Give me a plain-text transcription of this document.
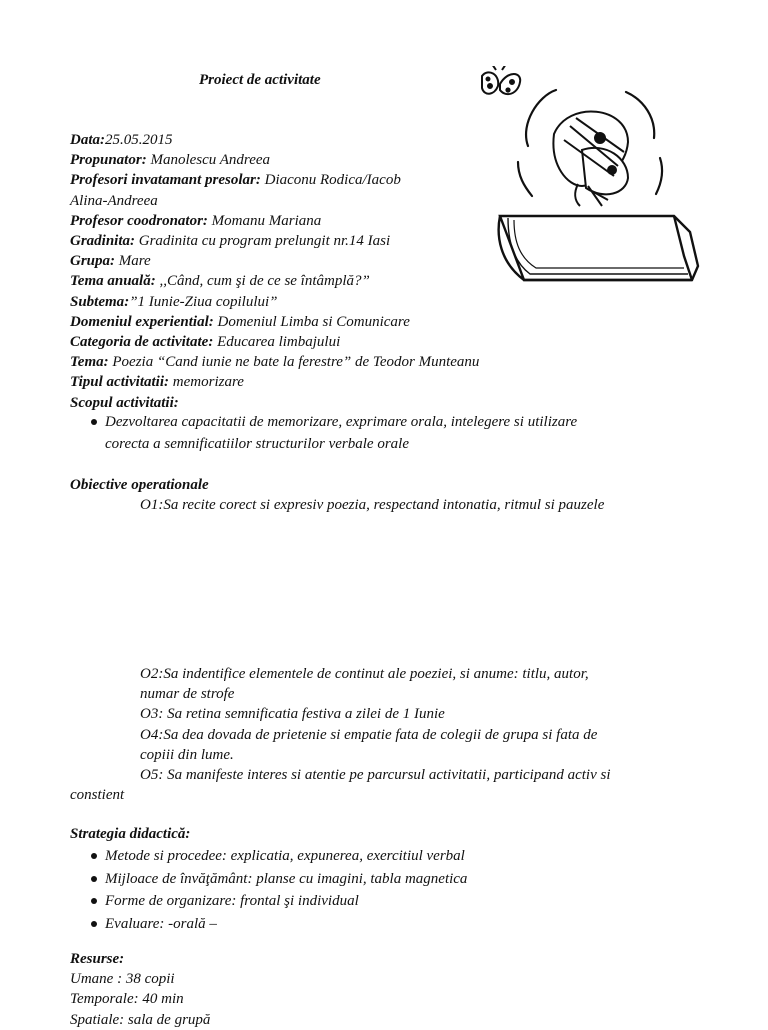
Proiect de activitate

Data:25.05.2015

Propunator: Manolescu Andreea

Profesori invatamant presolar: Diaconu Rodica/Iacob

Alina-Andreea

Profesor coodronator: Momanu Mariana

Gradinita: Gradinita cu program prelungit nr.14 Iasi

Grupa: Mare

Tema anuală: ,,Când, cum şi de ce se întâmplă?”

Subtema:”1 Iunie-Ziua copilului”

Domeniul experiential: Domeniul Limba si Comunicare

Categoria de activitate: Educarea limbajului

Tema: Poezia “Cand iunie ne bate la ferestre” de Teodor Munteanu

Tipul activitatii: memorizare

Scopul activitatii:

Dezvoltarea capacitatii de memorizare, exprimare orala, intelegere si utilizare

corecta a semnificatiilor structurilor verbale orale

Obiective operationale

O1:Sa recite corect si expresiv poezia, respectand intonatia, ritmul si pauzele

O2:Sa indentifice elementele de continut ale poeziei, si anume: titlu, autor,

numar de strofe

O3: Sa retina semnificatia festiva a zilei de 1 Iunie

O4:Sa dea dovada de prietenie si empatie fata de colegii de grupa si fata de

copiii din lume.

O5: Sa manifeste interes si atentie pe parcursul activitatii, participand activ si

constient

Strategia didactică:

Metode si procedee: explicatia, expunerea, exercitiul verbal
Mijloace de învăţământ: planse cu imagini, tabla magnetica
Forme de organizare: frontal şi individual
Evaluare: -orală –

Resurse:

Umane : 38 copii

Temporale: 40 min

Spatiale: sala de grupă
